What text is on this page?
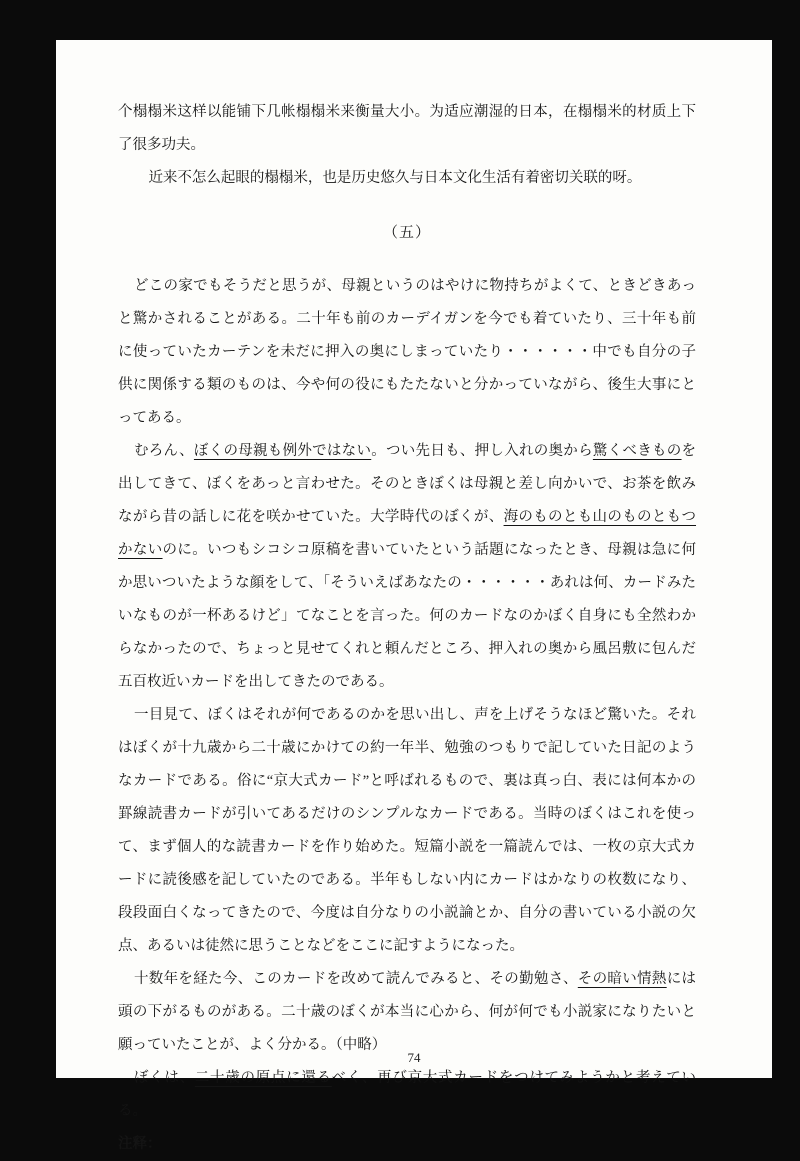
个榻榻米这样以能铺下几帐榻榻米来衡量大小。为适应潮湿的日本，在榻榻米的材质上下了很多功夫。

近来不怎么起眼的榻榻米，也是历史悠久与日本文化生活有着密切关联的呀。

（五）

どこの家でもそうだと思うが、母親というのはやけに物持ちがよくて、ときどきあっと驚かされることがある。二十年も前のカーデイガンを今でも着ていたり、三十年も前に使っていたカーテンを未だに押入の奥にしまっていたり・・・・・・中でも自分の子供に関係する類のものは、今や何の役にもたたないと分かっていながら、後生大事にとってある。

むろん、ぼくの母親も例外ではない。つい先日も、押し入れの奥から驚くべきものを出してきて、ぼくをあっと言わせた。そのときぼくは母親と差し向かいで、お茶を飲みながら昔の話しに花を咲かせていた。大学時代のぼくが、海のものとも山のものともつかないのに。いつもシコシコ原稿を書いていたという話題になったとき、母親は急に何か思いついたような顔をして、「そういえばあなたの・・・・・・あれは何、カードみたいなものが一杯あるけど」てなことを言った。何のカードなのかぼく自身にも全然わからなかったので、ちょっと見せてくれと頼んだところ、押入れの奥から風呂敷に包んだ五百枚近いカードを出してきたのである。

一目見て、ぼくはそれが何であるのかを思い出し、声を上げそうなほど驚いた。それはぼくが十九歳から二十歳にかけての約一年半、勉強のつもりで記していた日記のようなカードである。俗に“京大式カード”と呼ばれるもので、裏は真っ白、表には何本かの罫線読書カードが引いてあるだけのシンプルなカードである。当時のぼくはこれを使って、まず個人的な読書カードを作り始めた。短篇小説を一篇読んでは、一枚の京大式カードに読後感を記していたのである。半年もしない内にカードはかなりの枚数になり、段段面白くなってきたので、今度は自分なりの小説論とか、自分の書いている小説の欠点、あるいは徒然に思うことなどをここに記すようになった。

十数年を経た今、このカードを改めて読んでみると、その勤勉さ、その暗い情熱には頭の下がるものがある。二十歳のぼくが本当に心から、何が何でも小説家になりたいと願っていたことが、よく分かる。（中略）

ぼくは、二十歳の原点に還るべく、再び京大式カードをつけてみようかと考えている。

注释：

74
